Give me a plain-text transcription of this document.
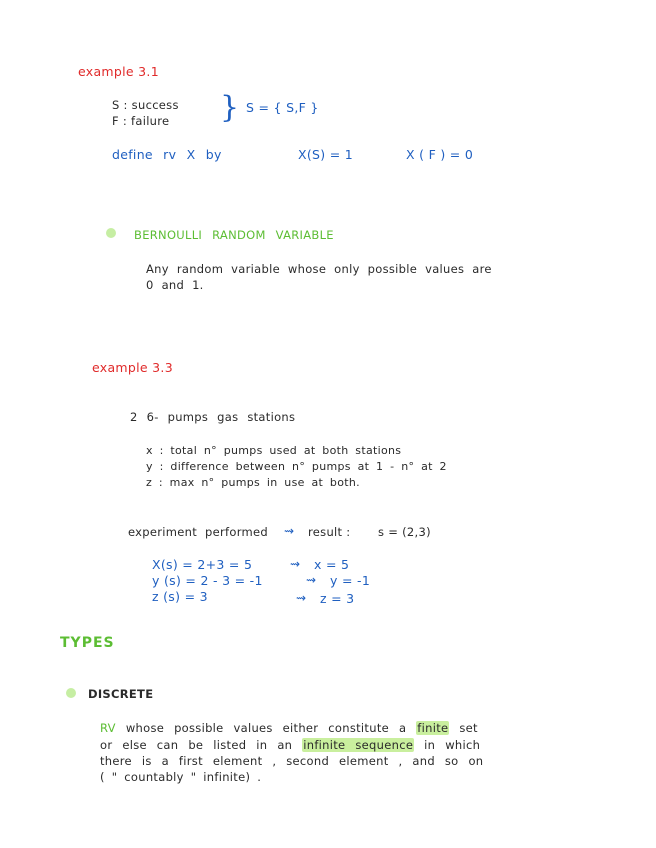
example 3.1
S : success
F : failure } S = { S,F }
define rv X by	X(S) = 1	X ( F ) = 0
BERNOULLI RANDOM VARIABLE
Any random variable whose only possible values are
0 and 1.
example 3.3
2 6- pumps gas stations
x : total n° pumps used at both stations
y : difference between n° pumps at 1 - n° at 2
z : max n° pumps in use at both.
experiment performed ⇝ result : s = (2,3)
X(s) = 2+3 = 5	⇝ x = 5
y (s) = 2 - 3 = -1	⇝ y = -1
z (s) = 3	⇝ z = 3
TYPES
DISCRETE
RV whose possible values either constitute a finite set
or else can be listed in an infinite sequence in which
there is a first element , second element , and so on
( " countably " infinite) .
